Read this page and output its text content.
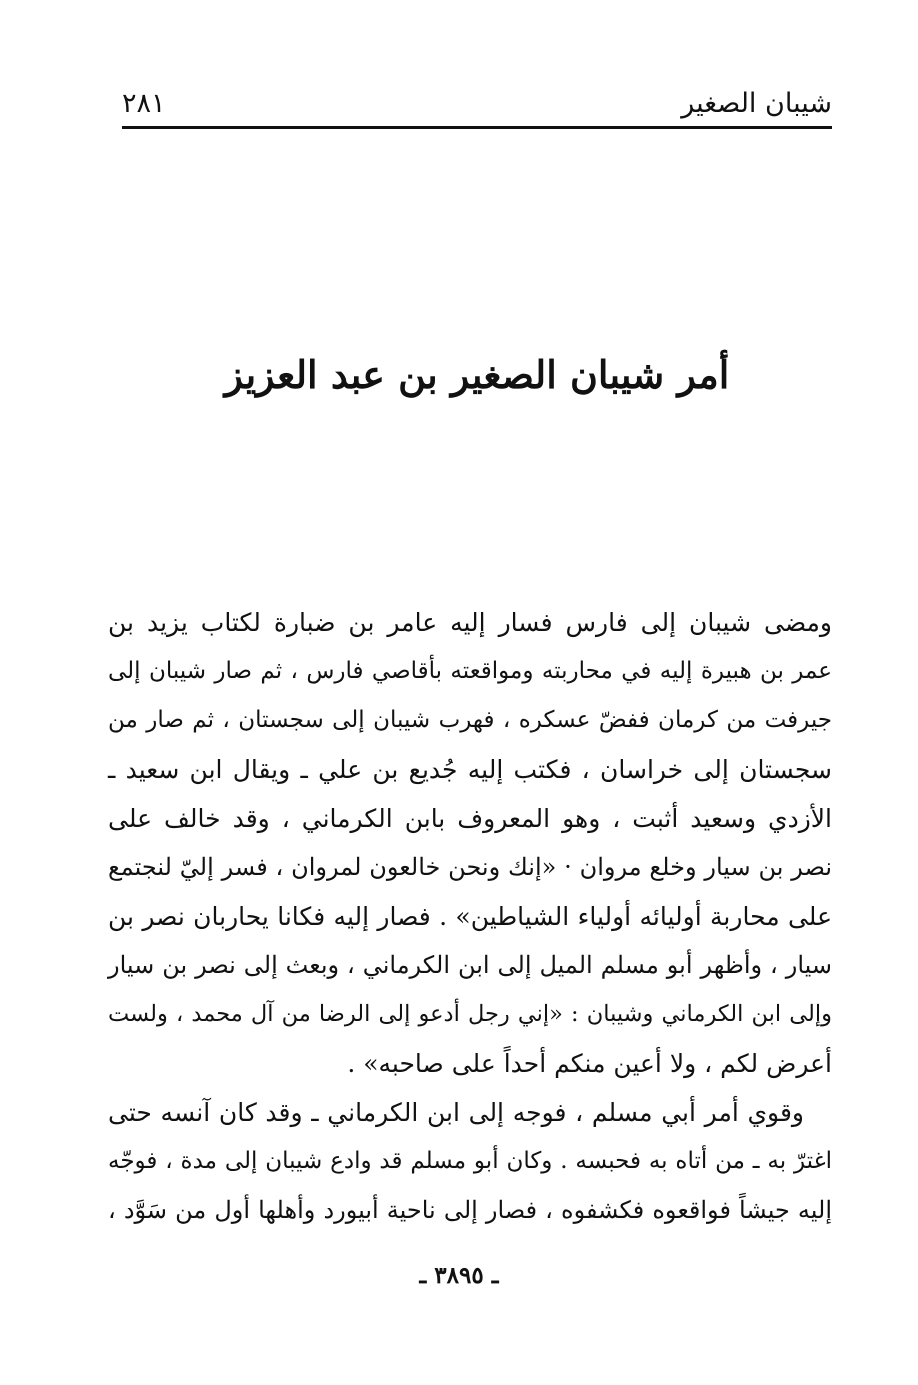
شيبان الصغير
٢٨١
أمر شيبان الصغير بن عبد العزيز
ومضى شيبان إلى فارس فسار إليه عامر بن ضبارة لكتاب يزيد بن
عمر بن هبيرة إليه في محاربته ومواقعته بأقاصي فارس ، ثم صار شيبان إلى
جيرفت من كرمان ففضّ عسكره ، فهرب شيبان إلى سجستان ، ثم صار من
سجستان إلى خراسان ، فكتب إليه جُديع بن علي ـ ويقال ابن سعيد ـ
الأزدي وسعيد أثبت ، وهو المعروف بابن الكرماني ، وقد خالف على
نصر بن سيار وخلع مروان · «إنك ونحن خالعون لمروان ، فسر إليّ لنجتمع
على محاربة أوليائه أولياء الشياطين» . فصار إليه فكانا يحاربان نصر بن
سيار ، وأظهر أبو مسلم الميل إلى ابن الكرماني ، وبعث إلى نصر بن سيار
وإلى ابن الكرماني وشيبان : «إني رجل أدعو إلى الرضا من آل محمد ، ولست
أعرض لكم ، ولا أعين منكم أحداً على صاحبه» .
وقوي أمر أبي مسلم ، فوجه إلى ابن الكرماني ـ وقد كان آنسه حتى
اغترّ به ـ من أتاه به فحبسه . وكان أبو مسلم قد وادع شيبان إلى مدة ، فوجّه
إليه جيشاً فواقعوه فكشفوه ، فصار إلى ناحية أبيورد وأهلها أول من سَوَّد ،
ـ ٣٨٩٥ ـ
